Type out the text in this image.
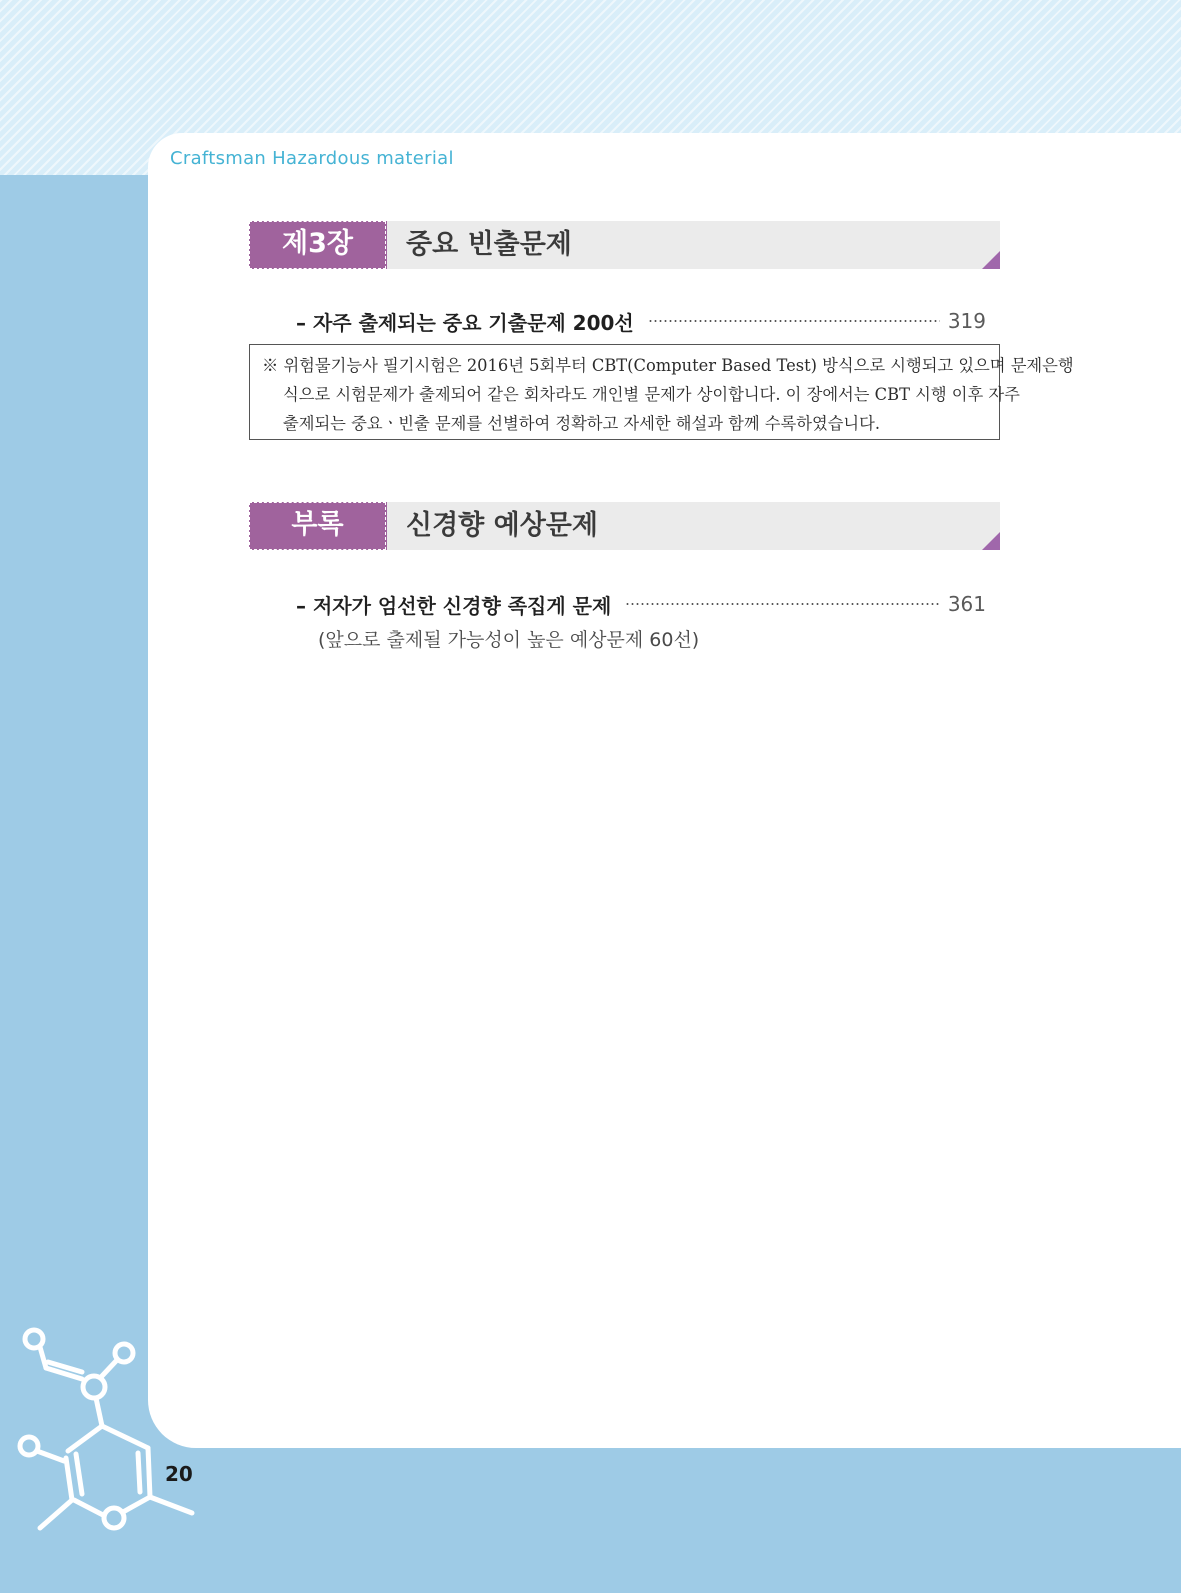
Craftsman Hazardous material
제3장	중요 빈출문제
– 자주 출제되는 중요 기출문제 200선	319
※ 위험물기능사 필기시험은 2016년 5회부터 CBT(Computer Based Test) 방식으로 시행되고 있으며 문제은행
식으로 시험문제가 출제되어 같은 회차라도 개인별 문제가 상이합니다. 이 장에서는 CBT 시행 이후 자주
출제되는 중요ㆍ빈출 문제를 선별하여 정확하고 자세한 해설과 함께 수록하였습니다.
부록	신경향 예상문제
– 저자가 엄선한 신경향 족집게 문제	361
(앞으로 출제될 가능성이 높은 예상문제 60선)
20
